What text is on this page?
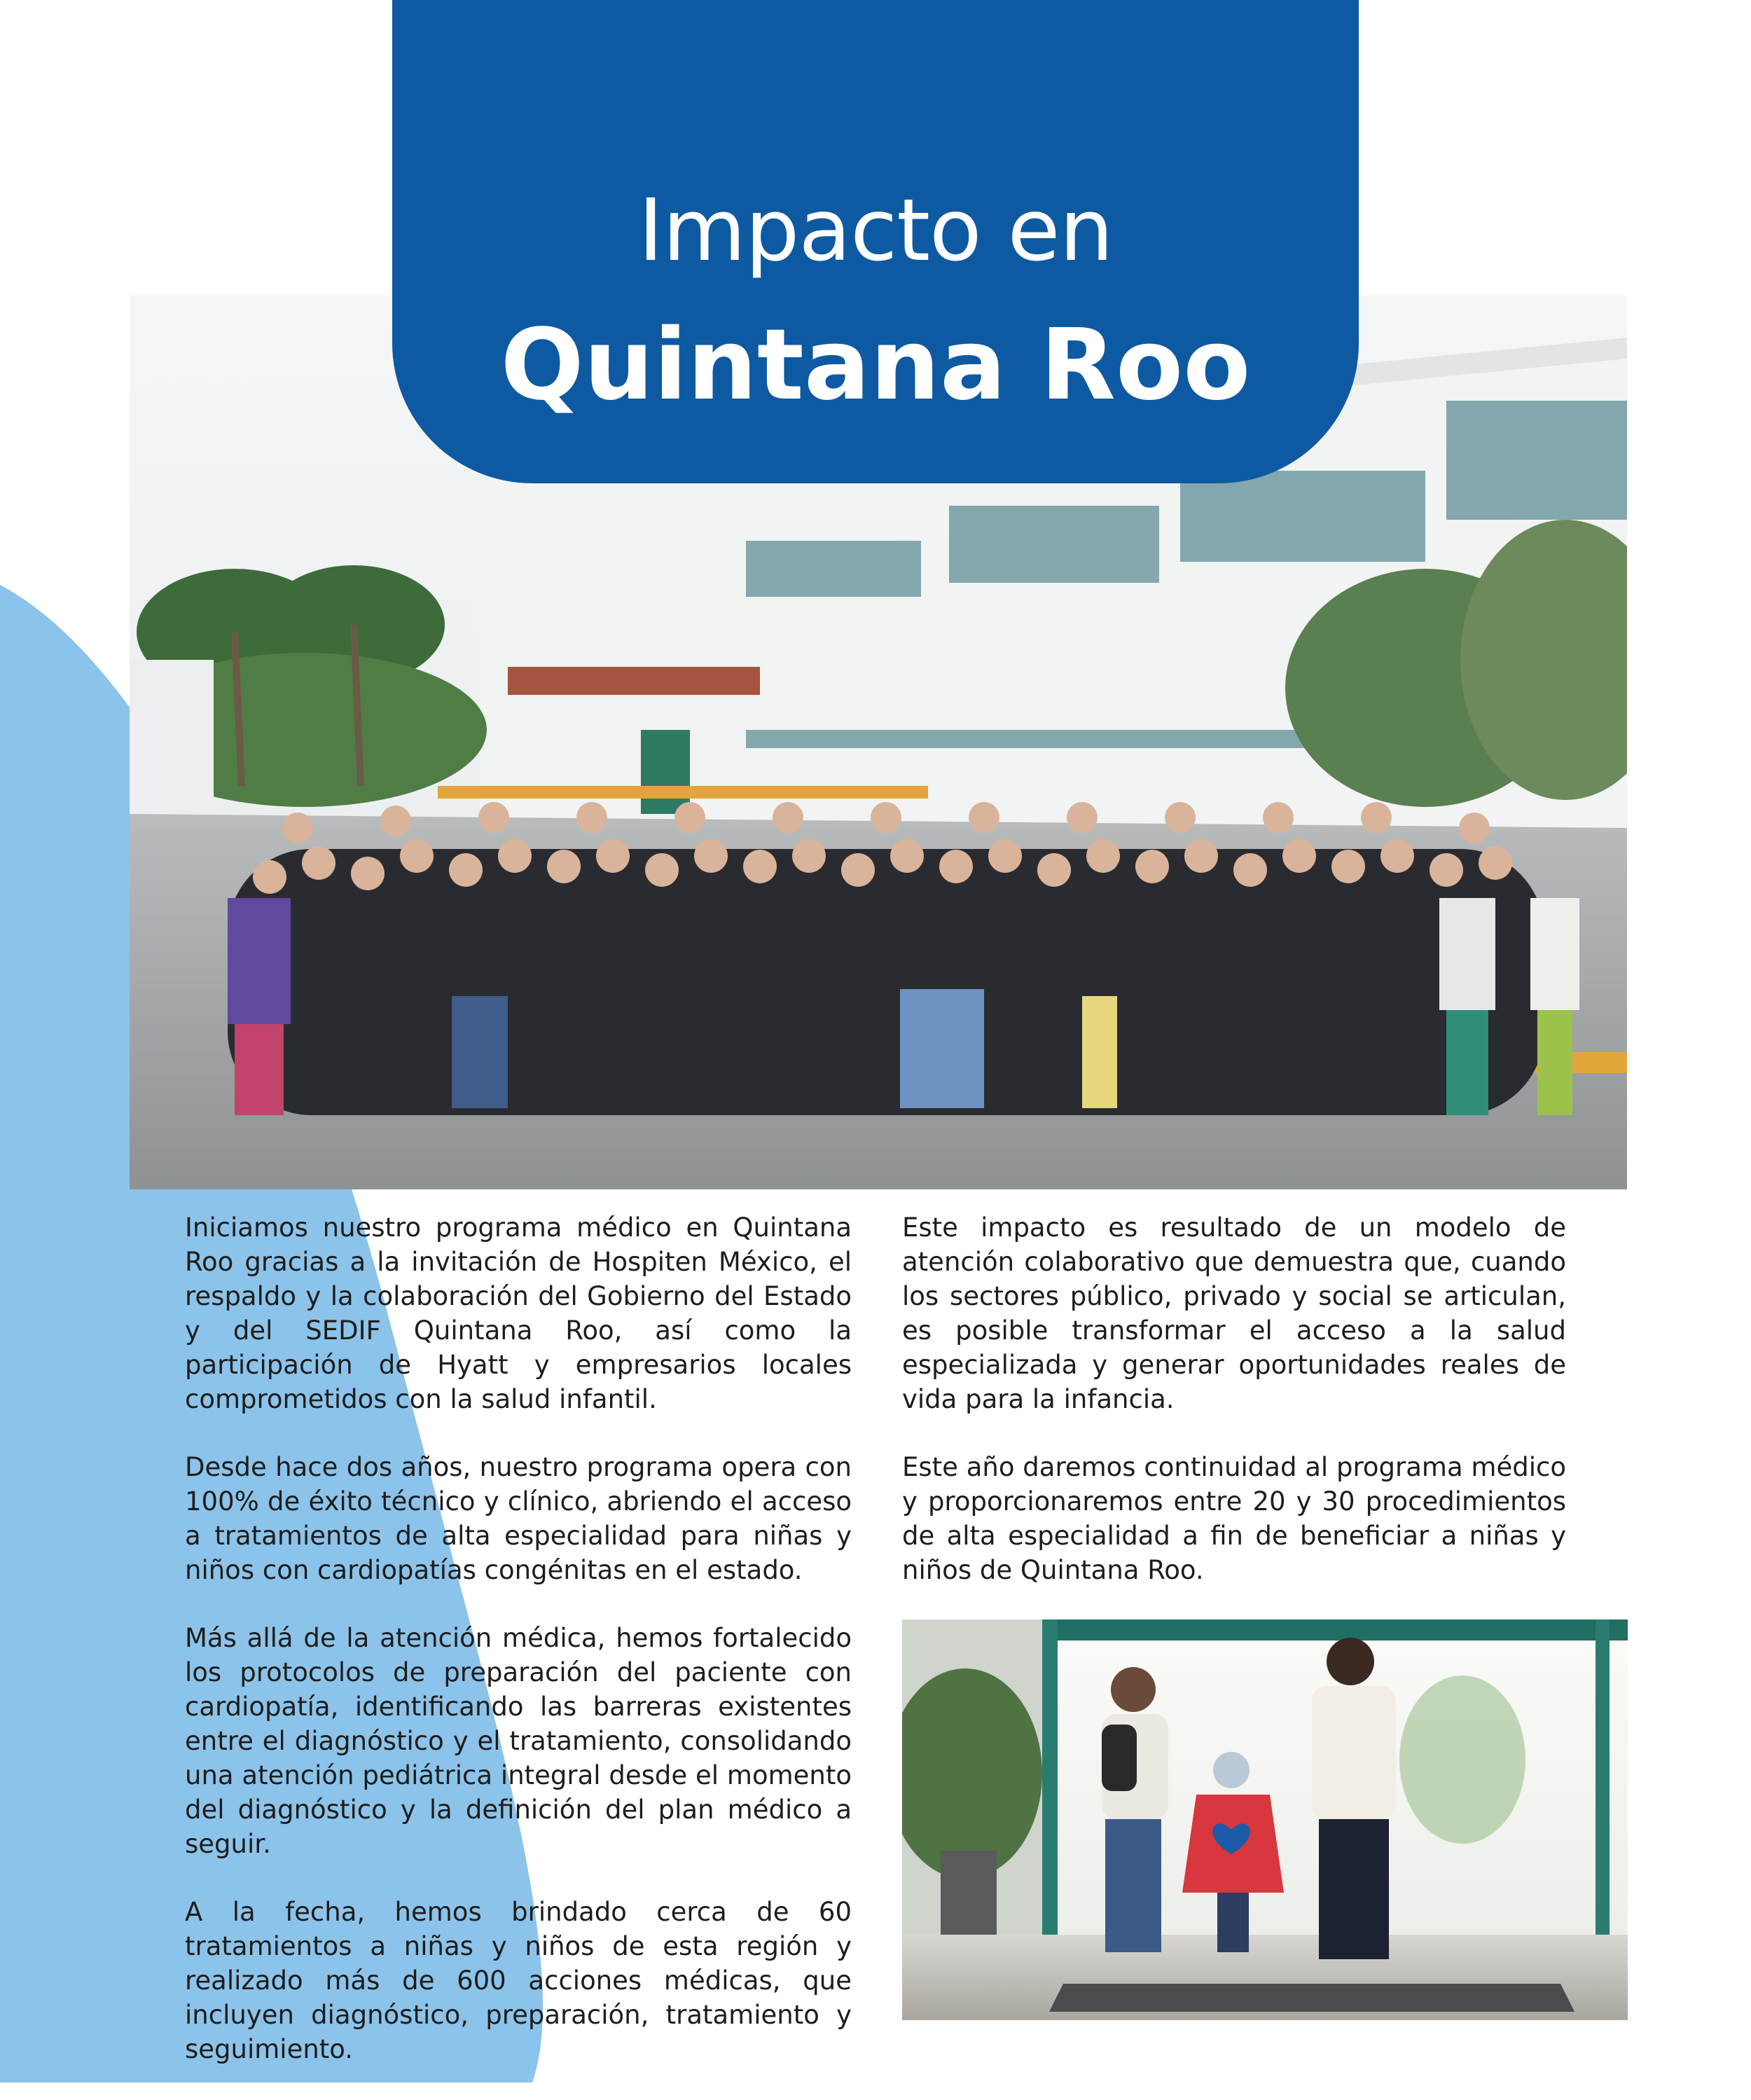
Impacto en
Quintana Roo

Iniciamos nuestro programa médico en Quintana Roo gracias a la invitación de Hospiten México, el respaldo y la colaboración del Gobierno del Estado y del SEDIF Quintana Roo, así como la participación de Hyatt y empresarios locales comprometidos con la salud infantil.

Desde hace dos años, nuestro programa opera con 100% de éxito técnico y clínico, abriendo el acceso a tratamientos de alta especialidad para niñas y niños con cardiopatías congénitas en el estado.

Más allá de la atención médica, hemos fortalecido los protocolos de preparación del paciente con cardiopatía, identificando las barreras existentes entre el diagnóstico y el tratamiento, consolidando una atención pediátrica integral desde el momento del diagnóstico y la definición del plan médico a seguir.

A la fecha, hemos brindado cerca de 60 tratamientos a niñas y niños de esta región y realizado más de 600 acciones médicas, que incluyen diagnóstico, preparación, tratamiento y seguimiento.

Este impacto es resultado de un modelo de atención colaborativo que demuestra que, cuando los sectores público, privado y social se articulan, es posible transformar el acceso a la salud especializada y generar oportunidades reales de vida para la infancia.

Este año daremos continuidad al programa médico y proporcionaremos entre 20 y 30 procedimientos de alta especialidad a fin de beneficiar a niñas y niños de Quintana Roo.
